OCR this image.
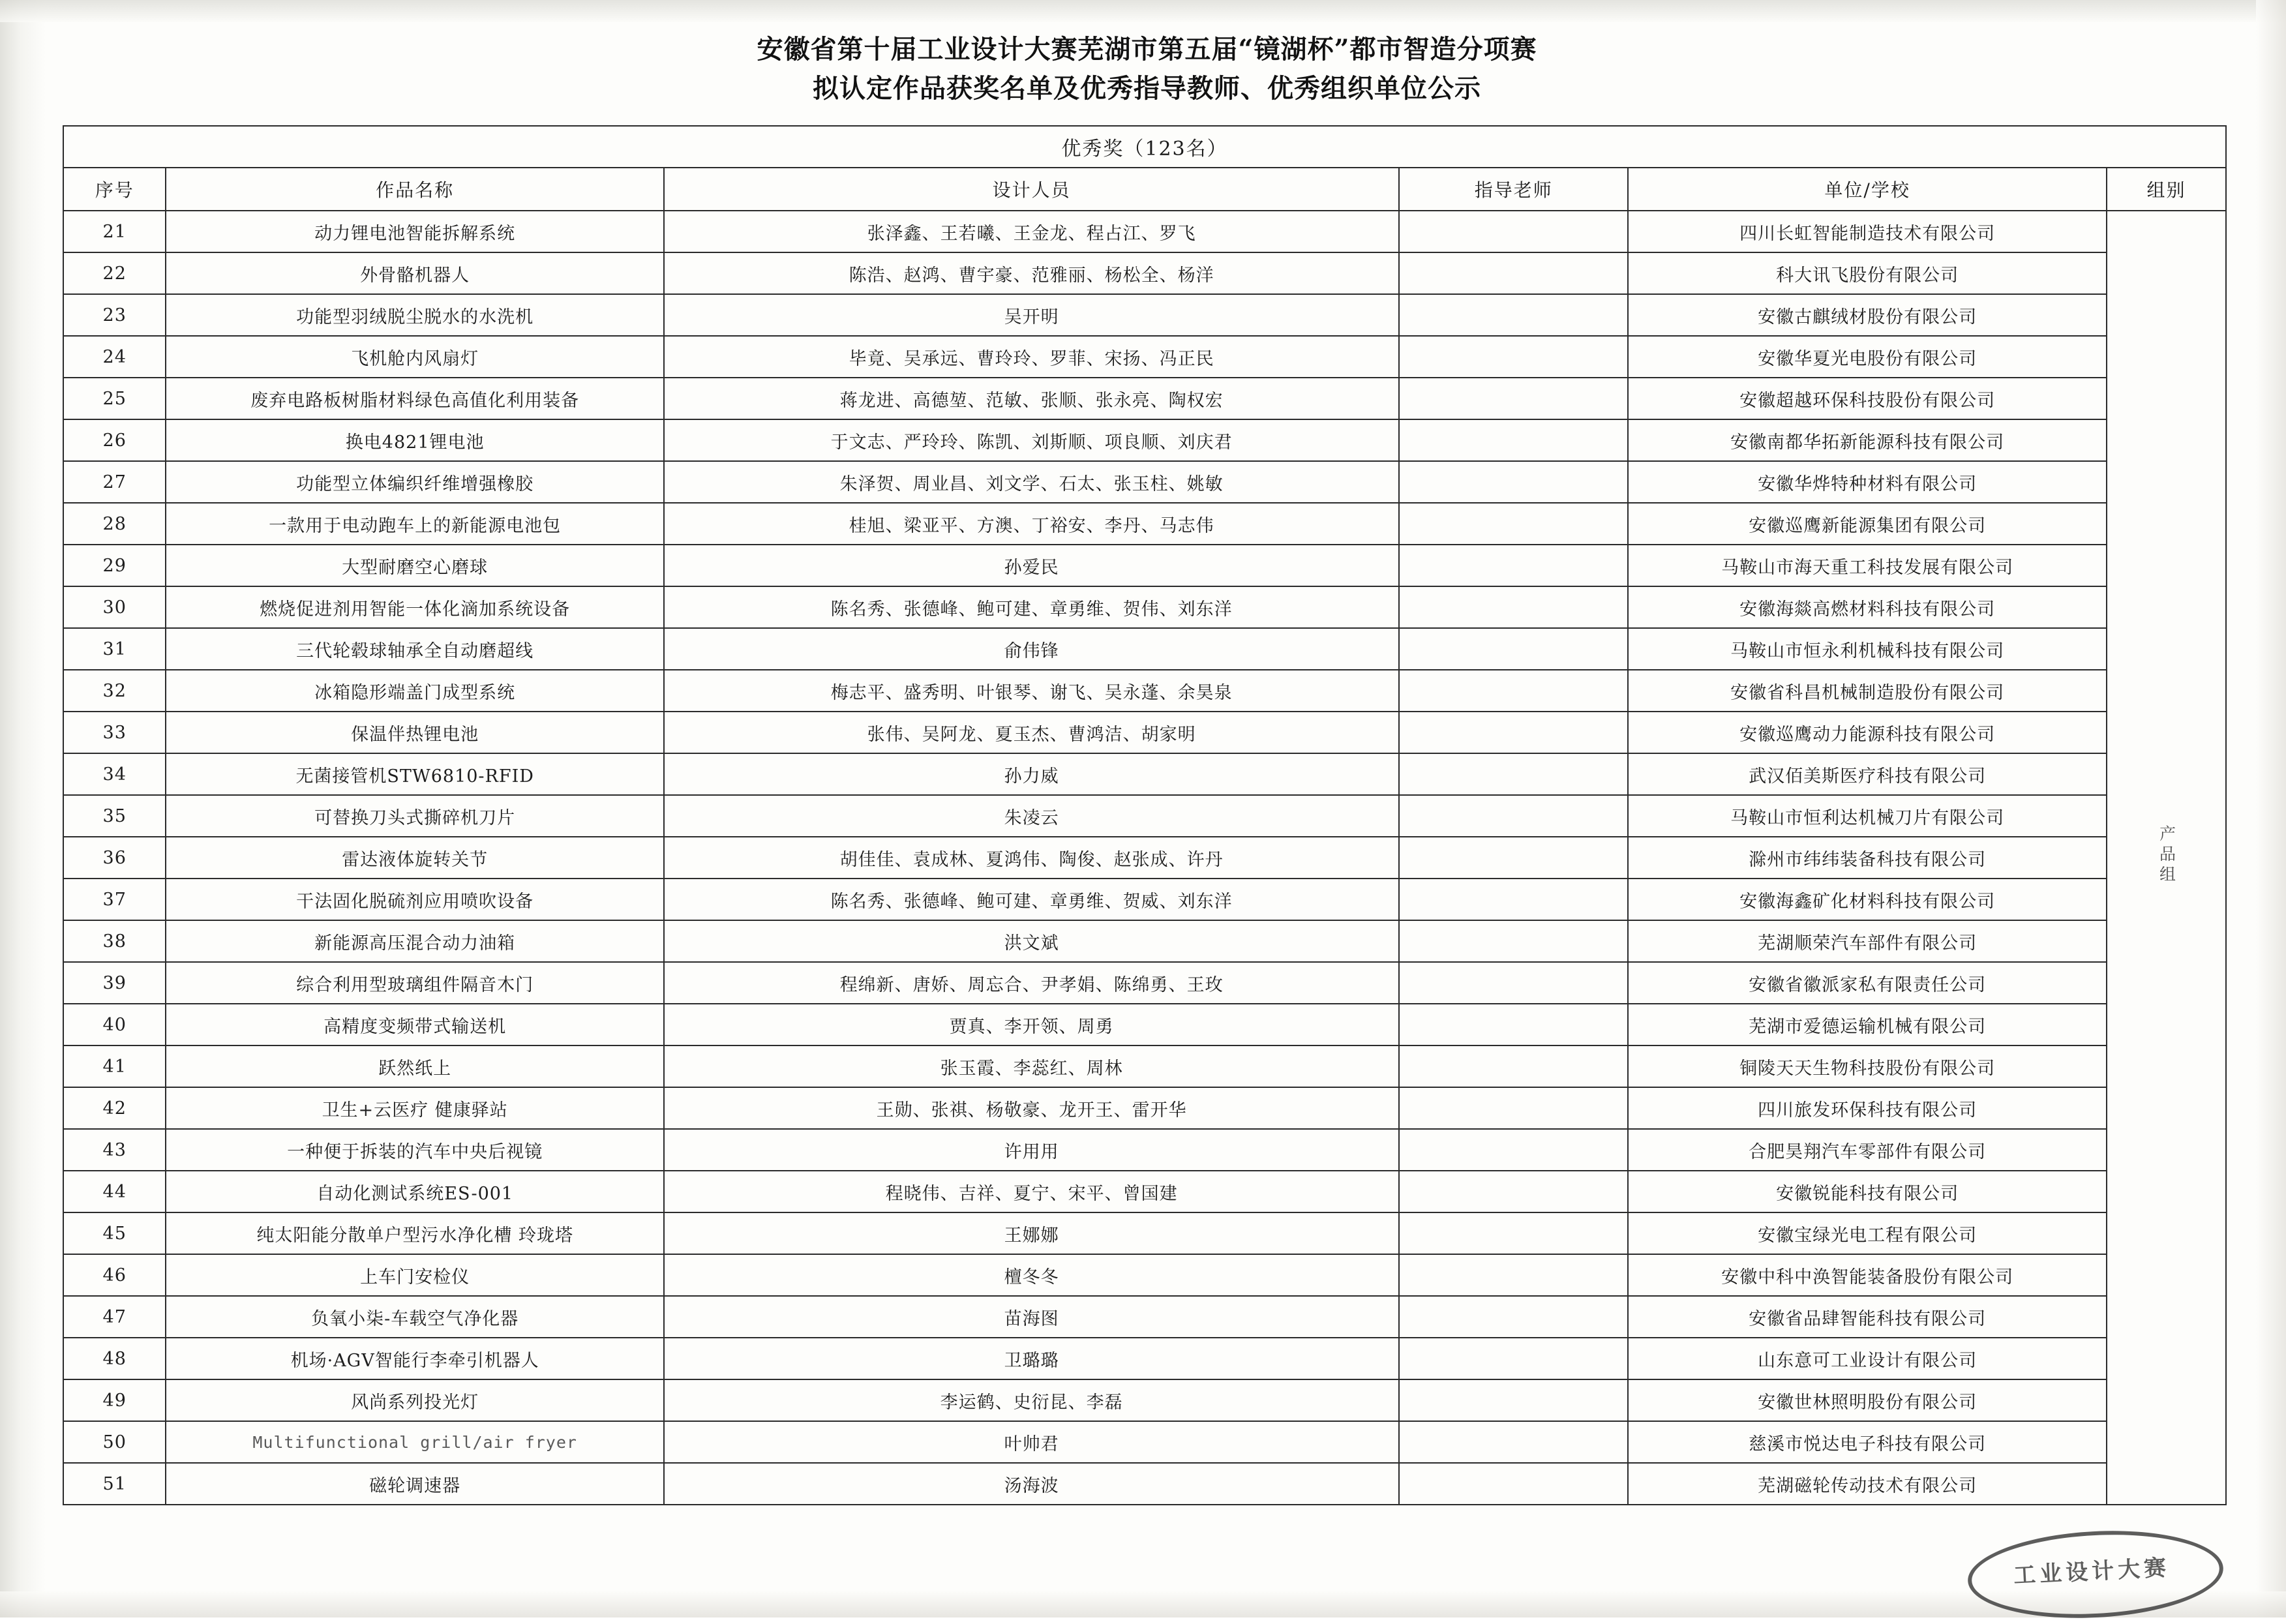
安徽省第十届工业设计大赛芜湖市第五届“镜湖杯”都市智造分项赛
拟认定作品获奖名单及优秀指导教师、优秀组织单位公示
优秀奖（123名）					
序号	作品名称	设计人员	指导老师	单位/学校	组别
21	动力锂电池智能拆解系统	张泽鑫、王若曦、王金龙、程占江、罗飞		四川长虹智能制造技术有限公司	产品组
22	外骨骼机器人	陈浩、赵鸿、曹宇豪、范雅丽、杨松全、杨洋		科大讯飞股份有限公司	
23	功能型羽绒脱尘脱水的水洗机	吴开明		安徽古麒绒材股份有限公司	
24	飞机舱内风扇灯	毕竟、吴承远、曹玲玲、罗菲、宋扬、冯正民		安徽华夏光电股份有限公司	
25	废弃电路板树脂材料绿色高值化利用装备	蒋龙进、高德堃、范敏、张顺、张永亮、陶权宏		安徽超越环保科技股份有限公司	
26	换电4821锂电池	于文志、严玲玲、陈凯、刘斯顺、项良顺、刘庆君		安徽南都华拓新能源科技有限公司	
27	功能型立体编织纤维增强橡胶	朱泽贺、周业昌、刘文学、石太、张玉柱、姚敏		安徽华烨特种材料有限公司	
28	一款用于电动跑车上的新能源电池包	桂旭、梁亚平、方澳、丁裕安、李丹、马志伟		安徽巡鹰新能源集团有限公司	
29	大型耐磨空心磨球	孙爱民		马鞍山市海天重工科技发展有限公司	
30	燃烧促进剂用智能一体化滴加系统设备	陈名秀、张德峰、鲍可建、章勇维、贺伟、刘东洋		安徽海燚高燃材料科技有限公司	
31	三代轮毂球轴承全自动磨超线	俞伟锋		马鞍山市恒永利机械科技有限公司	
32	冰箱隐形端盖门成型系统	梅志平、盛秀明、叶银琴、谢飞、吴永蓬、余昊泉		安徽省科昌机械制造股份有限公司	
33	保温伴热锂电池	张伟、吴阿龙、夏玉杰、曹鸿洁、胡家明		安徽巡鹰动力能源科技有限公司	
34	无菌接管机STW6810-RFID	孙力威		武汉佰美斯医疗科技有限公司	
35	可替换刀头式撕碎机刀片	朱凌云		马鞍山市恒利达机械刀片有限公司	
36	雷达液体旋转关节	胡佳佳、袁成林、夏鸿伟、陶俊、赵张成、许丹		滁州市纬纬装备科技有限公司	
37	干法固化脱硫剂应用喷吹设备	陈名秀、张德峰、鲍可建、章勇维、贺威、刘东洋		安徽海鑫矿化材料科技有限公司	
38	新能源高压混合动力油箱	洪文斌		芜湖顺荣汽车部件有限公司	
39	综合利用型玻璃组件隔音木门	程绵新、唐娇、周忘合、尹孝娟、陈绵勇、王玫		安徽省徽派家私有限责任公司	
40	高精度变频带式输送机	贾真、李开领、周勇		芜湖市爱德运输机械有限公司	
41	跃然纸上	张玉霞、李蕊红、周林		铜陵天天生物科技股份有限公司	
42	卫生+云医疗 健康驿站	王勋、张祺、杨敬豪、龙开王、雷开华		四川旅发环保科技有限公司	
43	一种便于拆装的汽车中央后视镜	许用用		合肥昊翔汽车零部件有限公司	
44	自动化测试系统ES-001	程晓伟、吉祥、夏宁、宋平、曾国建		安徽锐能科技有限公司	
45	纯太阳能分散单户型污水净化槽 玲珑塔	王娜娜		安徽宝绿光电工程有限公司	
46	上车门安检仪	檀冬冬		安徽中科中涣智能装备股份有限公司	
47	负氧小柒-车载空气净化器	苗海图		安徽省品肆智能科技有限公司	
48	机场·AGV智能行李牵引机器人	卫璐璐		山东意可工业设计有限公司	
49	风尚系列投光灯	李运鹤、史衍昆、李磊		安徽世林照明股份有限公司	
50	Multifunctional grill/air fryer	叶帅君		慈溪市悦达电子科技有限公司	
51	磁轮调速器	汤海波		芜湖磁轮传动技术有限公司	
工业设计大赛
